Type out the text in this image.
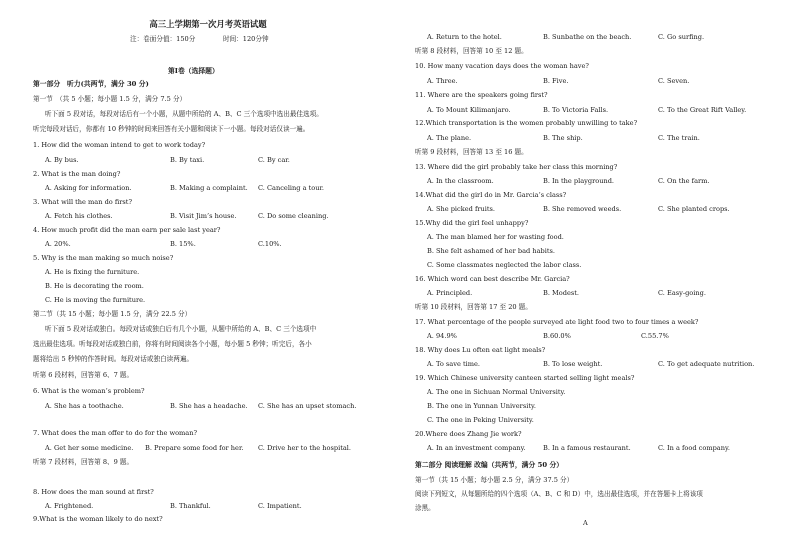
高三上学期第一次月考英语试题
注：卷面分值：150分	时间：120分钟
第Ⅰ卷（选择题）
第一部分　听力(共两节，满分 30 分)
第一节　（共 5 小题；每小题 1.5 分，满分 7.5 分）
听下面 5 段对话，每段对话后有一个小题，从题中所给的 A、B、C 三个选项中选出最佳选项。
听完每段对话后，你都有 10 秒钟的时间来回答有关小题和阅读下一小题。每段对话仅读一遍。
1. How did the woman intend to get to work today?
A. By bus.	B. By taxi.	C. By car.
2. What is the man doing?
A. Asking for information.	B. Making a complaint. C. Canceling a tour.
3. What will the man do first?
A. Fetch his clothes.	B. Visit Jim’s house.	C. Do some cleaning.
4. How much profit did the man earn per sale last year?
A. 20%.	B. 15%.	C.10%.
5. Why is the man making so much noise?
A. He is fixing the furniture.
B. He is decorating the room.
C. He is moving the furniture.
第二节（共 15 小题；每小题 1.5 分，满分 22.5 分）
听下面 5 段对话或独白。每段对话或独白后有几个小题，从题中所给的 A、B、C 三个选项中
选出最佳选项。听每段对话或独白前，你将有时间阅读各个小题，每小题 5 秒钟；听完后，各小
题将给出 5 秒钟的作答时间。每段对话或独白读两遍。
听第 6 段材料，回答第 6、7 题。
6. What is the woman’s problem?
A. She has a toothache.	B. She has a headache. C. She has an upset stomach.
7. What does the man offer to do for the woman?
A. Get her some medicine. B. Prepare some food for her. C. Drive her to the hospital.
听第 7 段材料，回答第 8、9 题。
8. How does the man sound at first?
A. Frightened.	B. Thankful.	C. Impatient.
9.What is the woman likely to do next?
A. Return to the hotel.	B. Sunbathe on the beach.	C. Go surfing.
听第 8 段材料，回答第 10 至 12 题。
10. How many vacation days does the woman have?
A. Three.	B. Five.	C. Seven.
11. Where are the speakers going first?
A. To Mount Kilimanjaro.	B. To Victoria Falls.	C. To the Great Rift Valley.
12.Which transportation is the women probably unwilling to take?
A. The plane.	B. The ship.	C. The train.
听第 9 段材料，回答第 13 至 16 题。
13. Where did the girl probably take her class this morning?
A. In the classroom.	B. In the playground.	C. On the farm.
14.What did the girl do in Mr. Garcia’s class?
A. She picked fruits.	B. She removed weeds.	C. She planted crops.
15.Why did the girl feel unhappy?
A. The man blamed her for wasting food.
B. She felt ashamed of her bad habits.
C. Some classmates neglected the labor class.
16. Which word can best describe Mr. Garcia?
A. Principled.	B. Modest.	C. Easy-going.
听第 10 段材料，回答第 17 至 20 题。
17. What percentage of the people surveyed ate light food two to four times a week?
A. 94.9%	B.60.0%	C.55.7%
18. Why does Lu often eat light meals?
A. To save time.	B. To lose weight.	C. To get adequate nutrition.
19. Which Chinese university canteen started selling light meals?
A. The one in Sichuan Normal University.
B. The one in Yunnan University.
C. The one in Peking University.
20.Where does Zhang Jie work?
A. In an investment company.	B. In a famous restaurant.	C. In a food company.
第二部分 阅读理解 改编（共两节，满分 50 分）
第一节（共 15 小题；每小题 2.5 分，满分 37.5 分）
阅读下列短文，从每题所给的四个选项（A、B、C 和 D）中，选出最佳选项，并在答题卡上将该项
涂黑。
A
